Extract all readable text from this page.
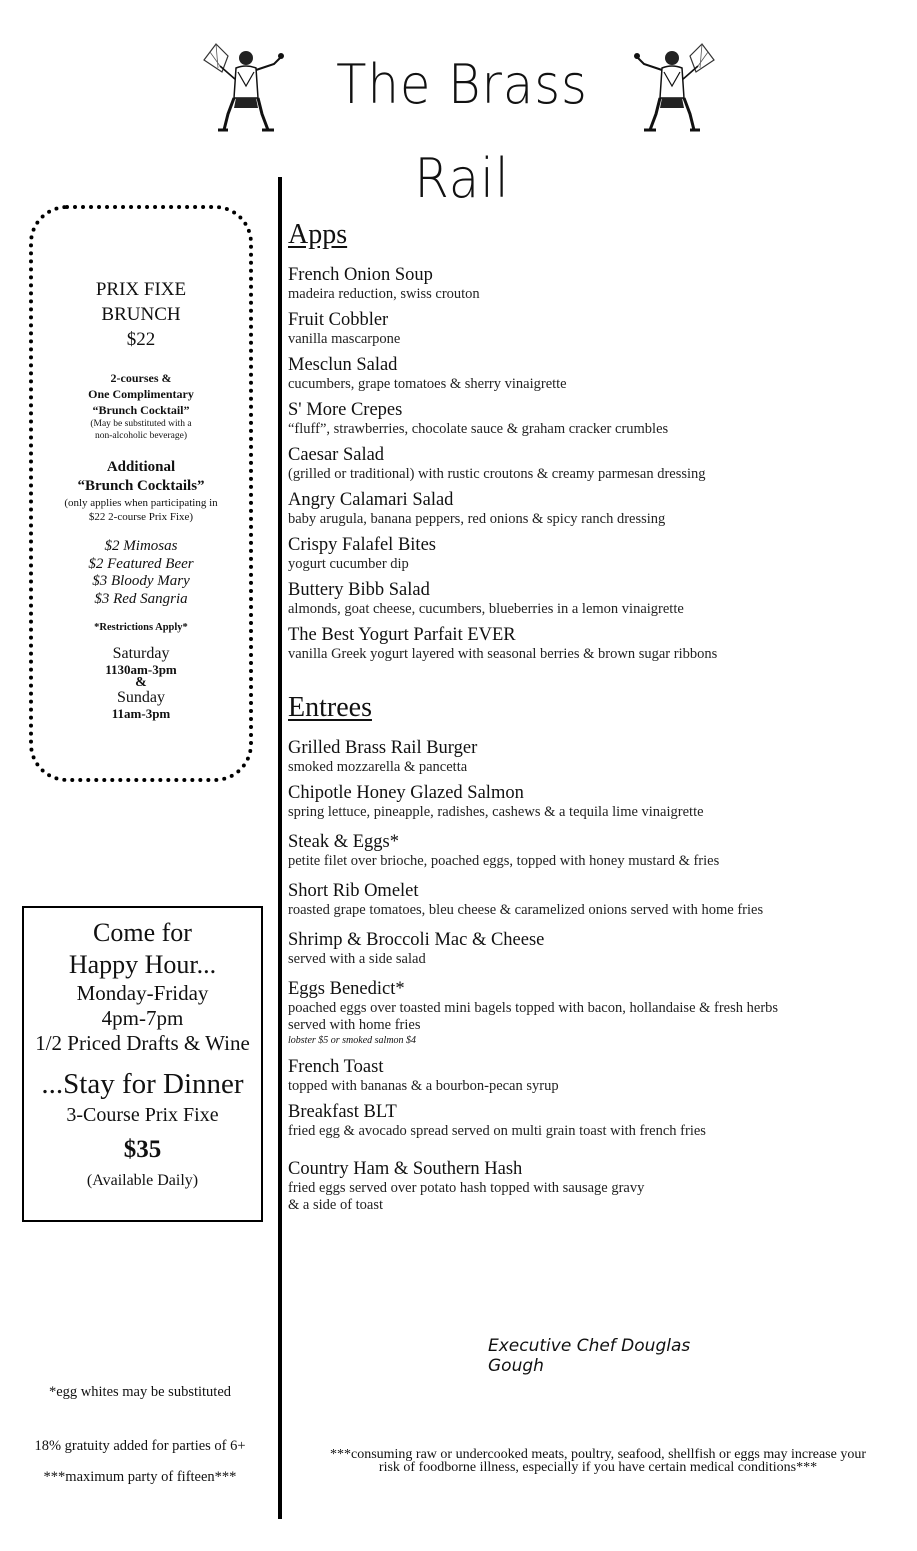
The Brass Rail
PRIX FIXE
BRUNCH
$22
2-courses &
One Complimentary
“Brunch Cocktail”
(May be substituted with a
non-alcoholic beverage)
Additional
“Brunch Cocktails”
(only applies when participating in
$22 2-course Prix Fixe)
$2 Mimosas
$2 Featured Beer
$3 Bloody Mary
$3 Red Sangria
*Restrictions Apply*
Saturday
1130am-3pm
&
Sunday
11am-3pm
Come for
Happy Hour...
Monday-Friday
4pm-7pm
1/2 Priced Drafts & Wine
...Stay for Dinner
3-Course Prix Fixe
$35
(Available Daily)
*egg whites may be substituted
18% gratuity added for parties of 6+
***maximum party of fifteen***
Apps
French Onion Soup
madeira reduction, swiss crouton
Fruit Cobbler
vanilla mascarpone
Mesclun Salad
cucumbers, grape tomatoes & sherry vinaigrette
S' More Crepes
“fluff”, strawberries, chocolate sauce & graham cracker crumbles
Caesar Salad
(grilled or traditional) with rustic croutons & creamy parmesan dressing
Angry Calamari Salad
baby arugula, banana peppers, red onions & spicy ranch dressing
Crispy Falafel Bites
yogurt cucumber dip
Buttery Bibb Salad
almonds, goat cheese, cucumbers, blueberries in a lemon vinaigrette
The Best Yogurt Parfait EVER
vanilla Greek yogurt layered with seasonal berries & brown sugar ribbons
Entrees
Grilled Brass Rail Burger
smoked mozzarella & pancetta
Chipotle Honey Glazed Salmon
spring lettuce, pineapple, radishes, cashews & a tequila lime vinaigrette
Steak & Eggs*
petite filet over brioche, poached eggs, topped with honey mustard & fries
Short Rib Omelet
roasted grape tomatoes, bleu cheese & caramelized onions served with home fries
Shrimp & Broccoli Mac & Cheese
served with a side salad
Eggs Benedict*
poached eggs over toasted mini bagels topped with bacon, hollandaise & fresh herbs
served with home fries
lobster $5 or smoked salmon $4
French Toast
topped with bananas & a bourbon-pecan syrup
Breakfast BLT
fried egg & avocado spread served on multi grain toast with french fries
Country Ham & Southern Hash
fried eggs served over potato hash topped with sausage gravy
& a side of toast
Executive Chef Douglas Gough
***consuming raw or undercooked meats, poultry, seafood, shellfish or eggs may increase your
risk of foodborne illness, especially if you have certain medical conditions***
